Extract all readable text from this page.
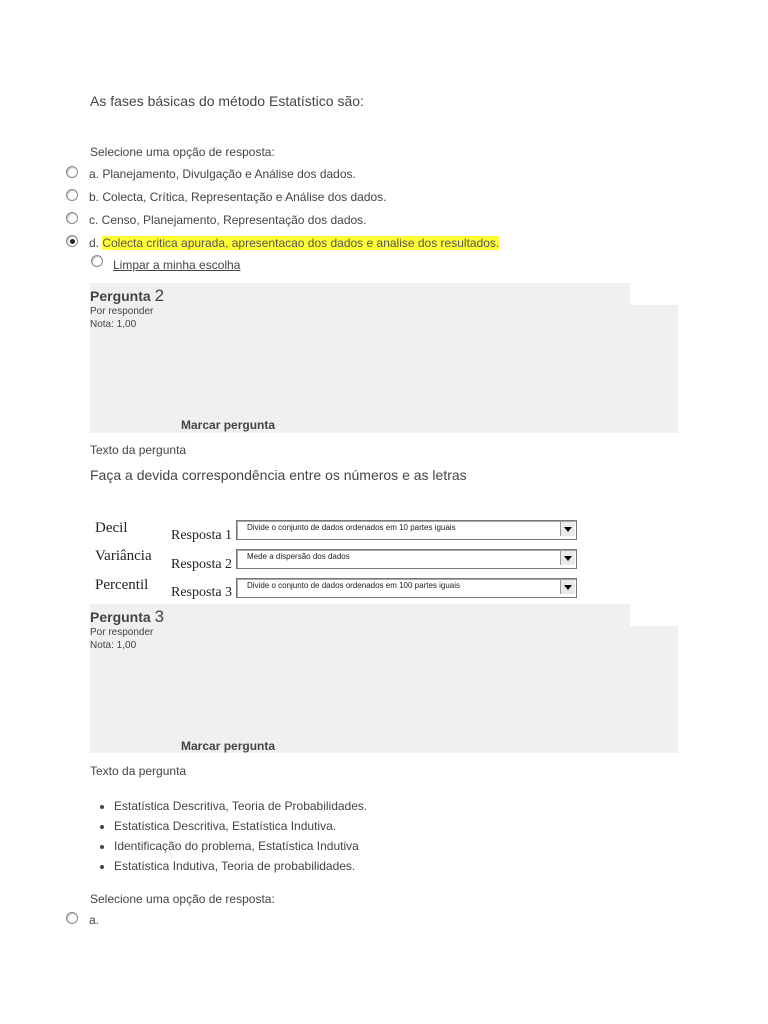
As fases básicas do método Estatístico são:
Selecione uma opção de resposta:
a. Planejamento, Divulgação e Análise dos dados.
b. Colecta, Crítica, Representação e Análise dos dados.
c. Censo, Planejamento, Representação dos dados.
d. Colecta critica apurada, apresentacao dos dados e analise dos resultados.
Limpar a minha escolha
Pergunta 2
Por responder
Nota: 1,00
Marcar pergunta
Texto da pergunta
Faça a devida correspondência entre os números e as letras
Decil	Resposta 1
Divide o conjunto de dados ordenados em 10 partes iguais
Variância
Resposta 2
Mede a dispersão dos dados
Percentil Resposta 3 Divide o conjunto de dados ordenados em 100 partes iguais
Pergunta 3
Por responder
Nota: 1,00
Marcar pergunta
Texto da pergunta
• Estatística Descritiva, Teoria de Probabilidades.
• Estatística Descritiva, Estatística Indutiva.
• Identificação do problema, Estatística Indutiva
• Estatística Indutiva, Teoria de probabilidades.
Selecione uma opção de resposta:
a.
